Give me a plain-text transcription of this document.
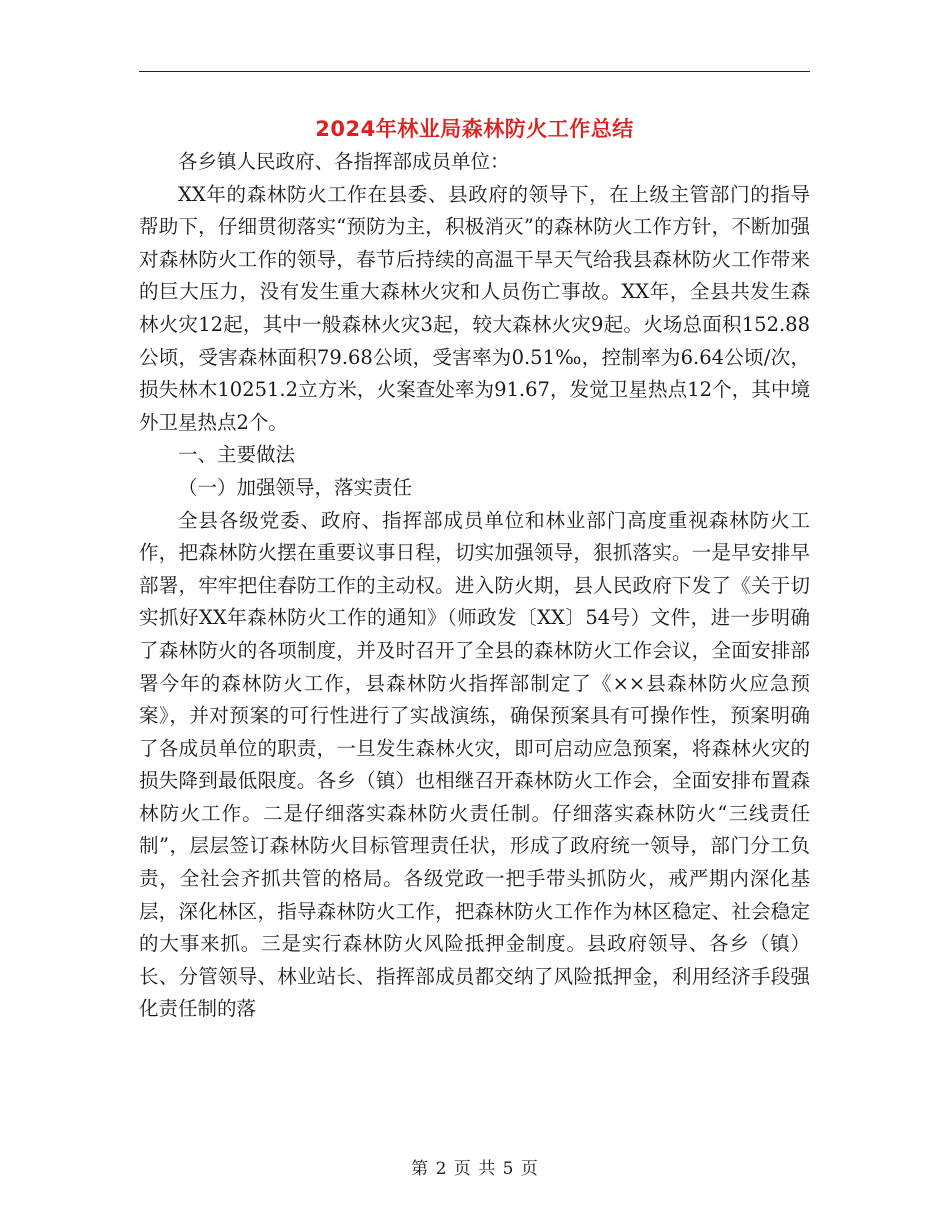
2024年林业局森林防火工作总结

各乡镇人民政府、各指挥部成员单位：

XX年的森林防火工作在县委、县政府的领导下，在上级主管部门的指导帮助下，仔细贯彻落实“预防为主，积极消灭”的森林防火工作方针，不断加强对森林防火工作的领导，春节后持续的高温干旱天气给我县森林防火工作带来的巨大压力，没有发生重大森林火灾和人员伤亡事故。XX年，全县共发生森林火灾12起，其中一般森林火灾3起，较大森林火灾9起。火场总面积152.88公顷，受害森林面积79.68公顷，受害率为0.51‰，控制率为6.64公顷/次，损失林木10251.2立方米，火案查处率为91.67，发觉卫星热点12个，其中境外卫星热点2个。

一、主要做法

（一）加强领导，落实责任

全县各级党委、政府、指挥部成员单位和林业部门高度重视森林防火工作，把森林防火摆在重要议事日程，切实加强领导，狠抓落实。一是早安排早部署，牢牢把住春防工作的主动权。进入防火期，县人民政府下发了《关于切实抓好XX年森林防火工作的通知》（师政发〔XX〕54号）文件，进一步明确了森林防火的各项制度，并及时召开了全县的森林防火工作会议，全面安排部署今年的森林防火工作，县森林防火指挥部制定了《××县森林防火应急预案》，并对预案的可行性进行了实战演练，确保预案具有可操作性，预案明确了各成员单位的职责，一旦发生森林火灾，即可启动应急预案，将森林火灾的损失降到最低限度。各乡（镇）也相继召开森林防火工作会，全面安排布置森林防火工作。二是仔细落实森林防火责任制。仔细落实森林防火“三线责任制”，层层签订森林防火目标管理责任状，形成了政府统一领导，部门分工负责，全社会齐抓共管的格局。各级党政一把手带头抓防火，戒严期内深化基层，深化林区，指导森林防火工作，把森林防火工作作为林区稳定、社会稳定的大事来抓。三是实行森林防火风险抵押金制度。县政府领导、各乡（镇）长、分管领导、林业站长、指挥部成员都交纳了风险抵押金，利用经济手段强化责任制的落

第 2 页 共 5 页
